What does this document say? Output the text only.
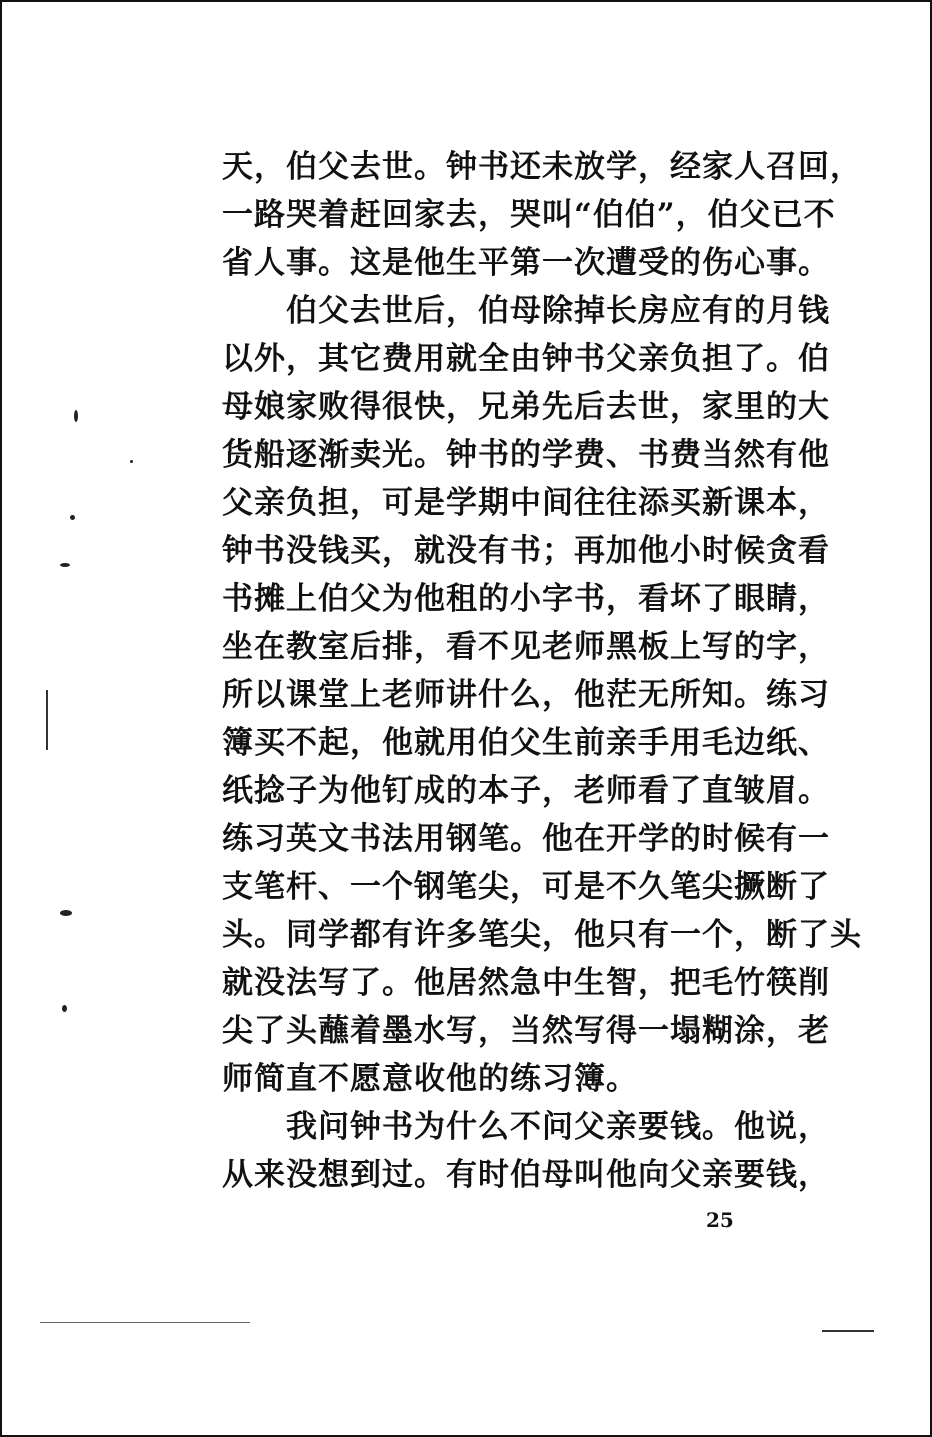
天，伯父去世。钟书还未放学，经家人召回，
一路哭着赶回家去，哭叫“伯伯”，伯父已不
省人事。这是他生平第一次遭受的伤心事。
　　伯父去世后，伯母除掉长房应有的月钱
以外，其它费用就全由钟书父亲负担了。伯
母娘家败得很快，兄弟先后去世，家里的大
货船逐渐卖光。钟书的学费、书费当然有他
父亲负担，可是学期中间往往添买新课本，
钟书没钱买，就没有书；再加他小时候贪看
书摊上伯父为他租的小字书，看坏了眼睛，
坐在教室后排，看不见老师黑板上写的字，
所以课堂上老师讲什么，他茫无所知。练习
簿买不起，他就用伯父生前亲手用毛边纸、
纸捻子为他钉成的本子，老师看了直皱眉。
练习英文书法用钢笔。他在开学的时候有一
支笔杆、一个钢笔尖，可是不久笔尖撅断了
头。同学都有许多笔尖，他只有一个，断了头
就没法写了。他居然急中生智，把毛竹筷削
尖了头蘸着墨水写，当然写得一塌糊涂，老
师简直不愿意收他的练习簿。
　　我问钟书为什么不问父亲要钱。他说，
从来没想到过。有时伯母叫他向父亲要钱，
25
